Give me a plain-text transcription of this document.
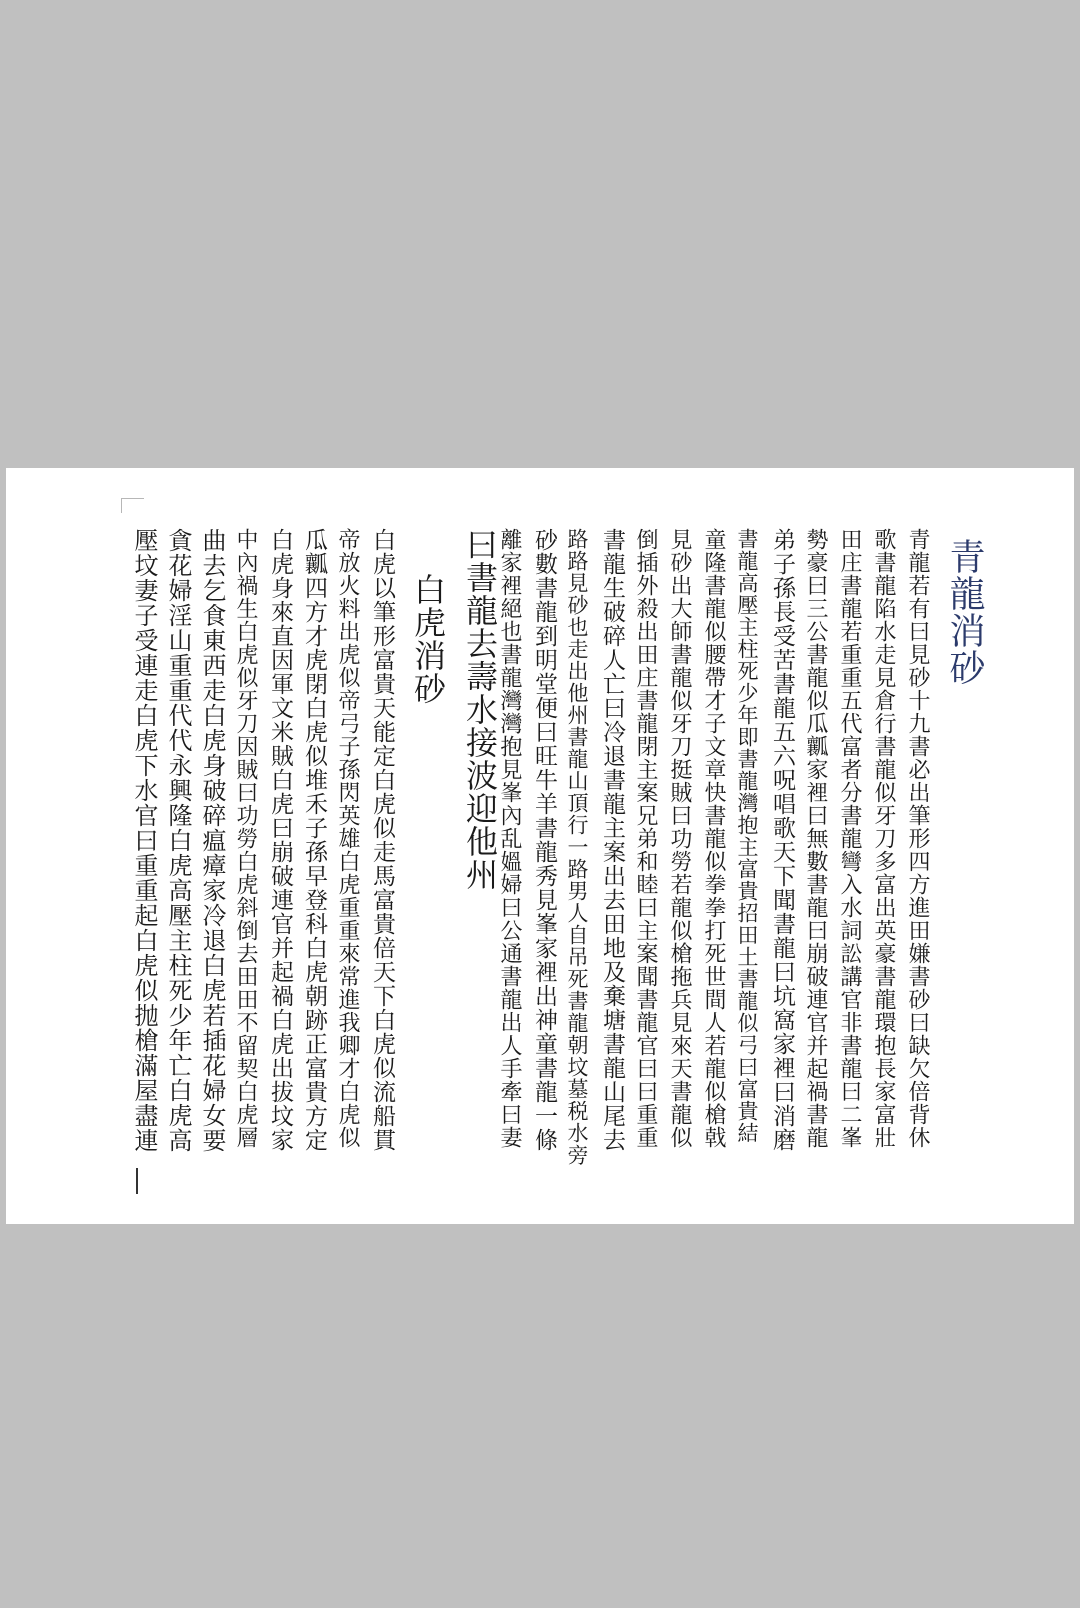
青龍消砂
青龍若有曰見砂十九書必出筆形四方進田嫌書砂曰缺欠倍背休
歌書龍陷水走見倉行書龍似牙刀多富出英豪書龍環抱長家富壯
田庄書龍若重重五代富者分書龍彎入水詞訟講官非書龍曰二峯
勢豪曰三公書龍似瓜瓤家裡曰無數書龍曰崩破連官并起禍書龍
弟子孫長受苦書龍五六呪唱歌天下聞書龍曰坑窩家裡曰消磨
書龍高壓主柱死少年即書龍灣抱主富貴招田土書龍似弓曰富貴結
童隆書龍似腰帶才子文章快書龍似拳拳打死世間人若龍似槍戟
見砂出大師書龍似牙刀挺賊曰功勞若龍似槍拖兵見來天書龍似
倒插外殺出田庄書龍閉主案兄弟和睦曰主案聞書龍官曰曰重重
書龍生破碎人亡曰冷退書龍主案出去田地及棄塘書龍山尾去
路路見砂也走出他州書龍山頂行一路男人自吊死書龍朝坟墓税水旁
砂數書龍到明堂便曰旺牛羊書龍秀見峯家裡出神童書龍一條
離家裡絕也書龍灣灣抱見峯內乱媼婦曰公通書龍出人手牽曰妻
曰書龍去壽水接波迎他州
白虎消砂
白虎以筆形富貴天能定白虎似走馬富貴倍天下白虎似流船貫
帝放火料出虎似帝弓子孫閃英雄白虎重重來常進我卿才白虎似
瓜瓤四方才虎閉白虎似堆禾子孫早登科白虎朝跡正富貴方定
白虎身來直因軍文米賊白虎曰崩破連官并起禍白虎出拔坟家
中內禍生白虎似牙刀因賊曰功勞白虎斜倒去田田不留契白虎層
曲去乞食東西走白虎身破碎瘟瘴家冷退白虎若插花婦女要
貪花婦淫山重重代代永興隆白虎高壓主柱死少年亡白虎高
壓坟妻子受連走白虎下水官曰重重起白虎似抛槍滿屋盡連
